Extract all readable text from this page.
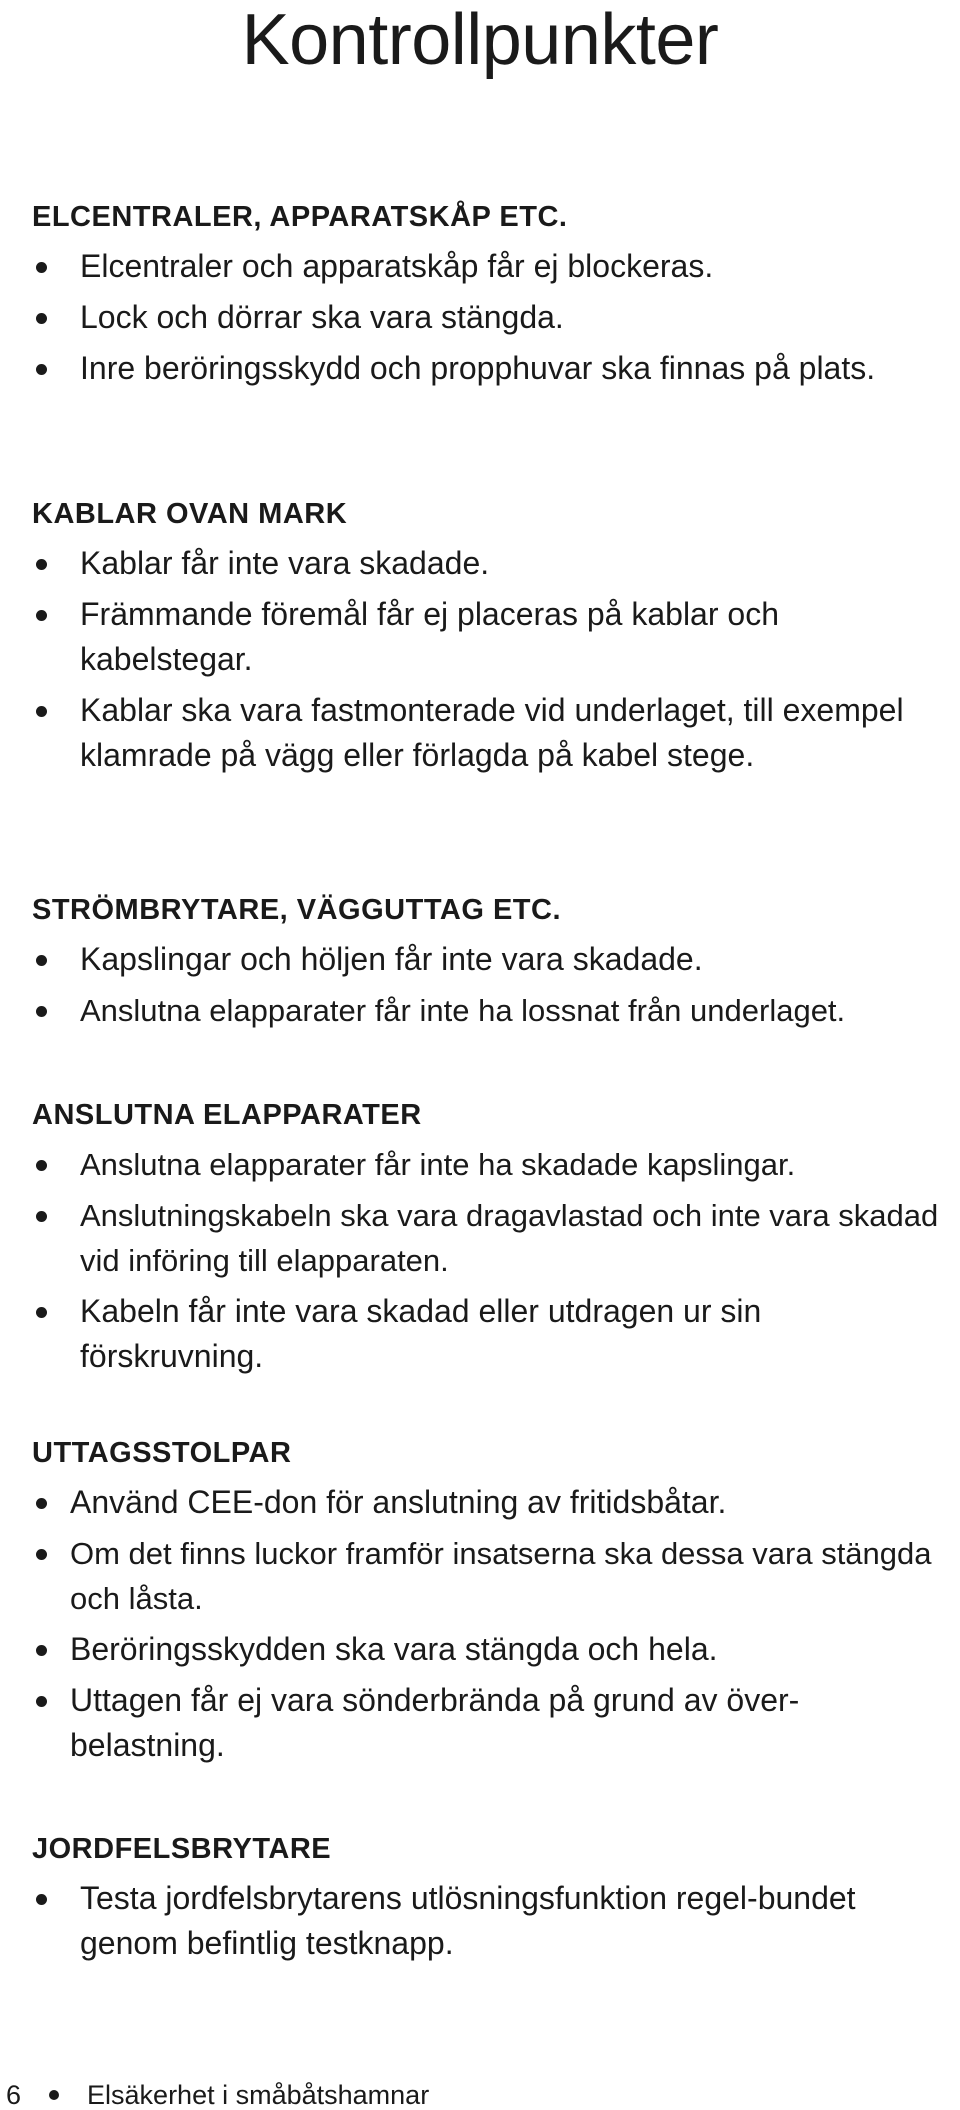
Kontrollpunkter
ELCENTRALER, APPARATSKÅP ETC.
Elcentraler och apparatskåp får ej blockeras.
Lock och dörrar ska vara stängda.
Inre beröringsskydd och propphuvar ska finnas på plats.
KABLAR OVAN MARK
Kablar får inte vara skadade.
Främmande föremål får ej placeras på kablar och kabelstegar.
Kablar ska vara fastmonterade vid underlaget, till exempel klamrade på vägg eller förlagda på kabel stege.
STRÖMBRYTARE, VÄGGUTTAG ETC.
Kapslingar och höljen får inte vara skadade.
Anslutna elapparater får inte ha lossnat från underlaget.
ANSLUTNA ELAPPARATER
Anslutna elapparater får inte ha skadade kapslingar.
Anslutningskabeln ska vara dragavlastad och inte vara skadad vid införing till elapparaten.
Kabeln får inte vara skadad eller utdragen ur sin förskruvning.
UTTAGSSTOLPAR
Använd CEE-don för anslutning av fritidsbåtar.
Om det finns luckor framför insatserna ska dessa vara stängda och låsta.
Beröringsskydden ska vara stängda och hela.
Uttagen får ej vara sönderbrända på grund av över-belastning.
JORDFELSBRYTARE
Testa jordfelsbrytarens utlösningsfunktion regel-bundet genom befintlig testknapp.
6 Elsäkerhet i småbåtshamnar
